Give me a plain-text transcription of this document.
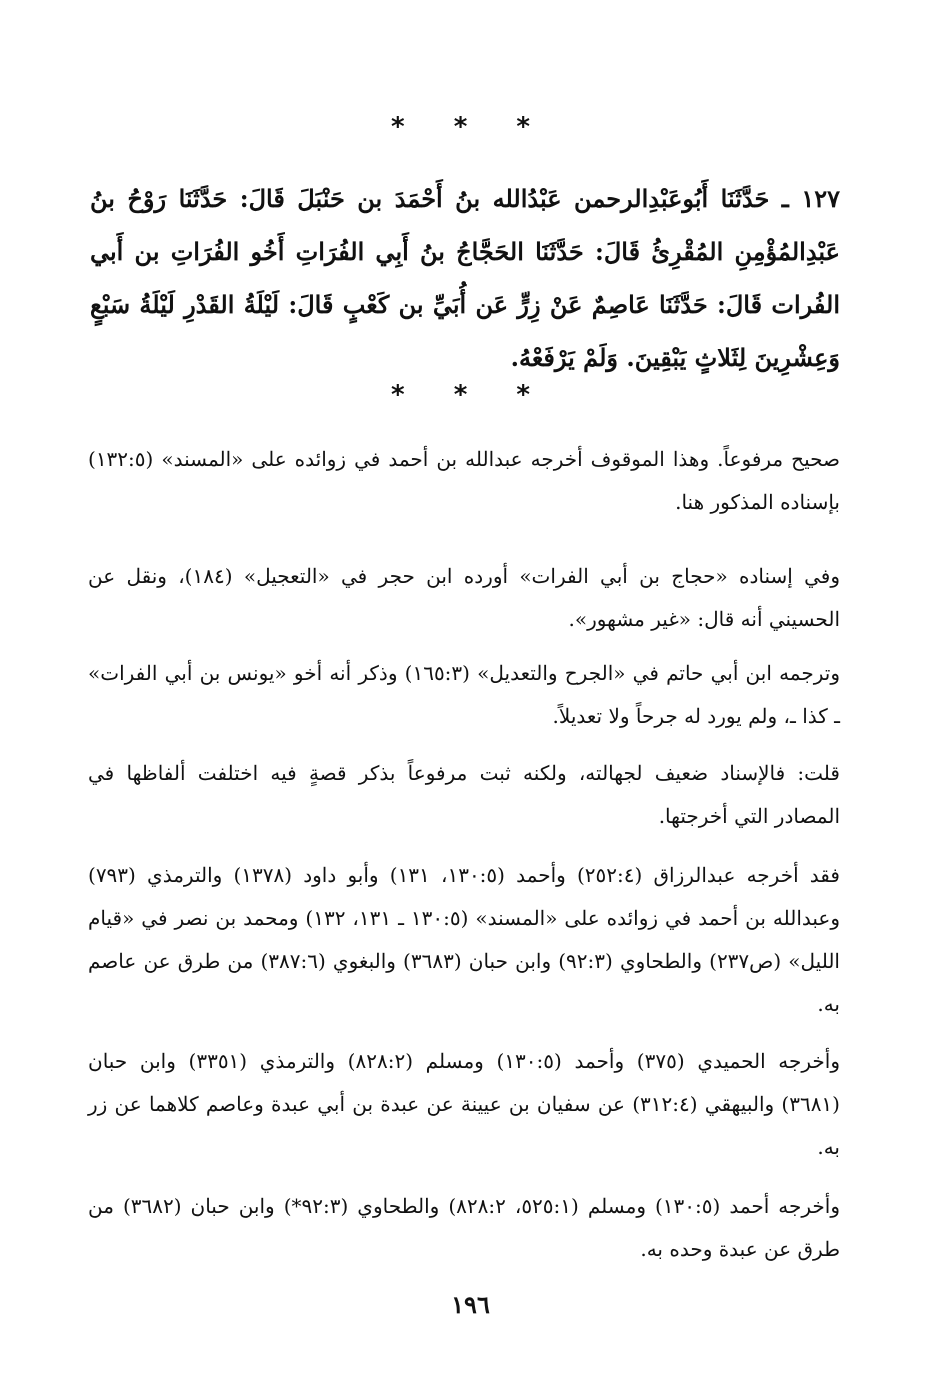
* * *
١٢٧ ـ حَدَّثَنَا أَبُوعَبْدِالرحمن عَبْدُالله بنُ أَحْمَدَ بن حَنْبَلَ قَالَ: حَدَّثَنَا رَوْحُ بنُ عَبْدِالمُؤْمِنِ المُقْرِئُ قَالَ: حَدَّثَنَا الحَجَّاجُ بنُ أَبِي الفُرَاتِ أَخُو الفُرَاتِ بن أَبي الفُرات قَالَ: حَدَّثَنَا عَاصِمٌ عَنْ زِرٍّ عَن أُبَيِّ بن كَعْبٍ قَالَ: لَيْلَةُ القَدْرِ لَيْلَةُ سَبْعٍ وَعِشْرِينَ لِثَلاثٍ يَبْقِينَ. وَلَمْ يَرْفَعْهُ.
* * *
صحيح مرفوعاً. وهذا الموقوف أخرجه عبدالله بن أحمد في زوائده على «المسند» (١٣٢:٥) بإسناده المذكور هنا.
وفي إسناده «حجاج بن أبي الفرات» أورده ابن حجر في «التعجيل» (١٨٤)، ونقل عن الحسيني أنه قال: «غير مشهور».
وترجمه ابن أبي حاتم في «الجرح والتعديل» (١٦٥:٣) وذكر أنه أخو «يونس بن أبي الفرات» ـ كذا ـ، ولم يورد له جرحاً ولا تعديلاً.
قلت: فالإسناد ضعيف لجهالته، ولكنه ثبت مرفوعاً بذكر قصةٍ فيه اختلفت ألفاظها في المصادر التي أخرجتها.
فقد أخرجه عبدالرزاق (٢٥٢:٤) وأحمد (١٣٠:٥، ١٣١) وأبو داود (١٣٧٨) والترمذي (٧٩٣) وعبدالله بن أحمد في زوائده على «المسند» (١٣٠:٥ ـ ١٣١، ١٣٢) ومحمد بن نصر في «قيام الليل» (ص٢٣٧) والطحاوي (٩٢:٣) وابن حبان (٣٦٨٣) والبغوي (٣٨٧:٦) من طرق عن عاصم به.
وأخرجه الحميدي (٣٧٥) وأحمد (١٣٠:٥) ومسلم (٨٢٨:٢) والترمذي (٣٣٥١) وابن حبان (٣٦٨١) والبيهقي (٣١٢:٤) عن سفيان بن عيينة عن عبدة بن أبي عبدة وعاصم كلاهما عن زر به.
وأخرجه أحمد (١٣٠:٥) ومسلم (٥٢٥:١، ٨٢٨:٢) والطحاوي (٩٢:٣*) وابن حبان (٣٦٨٢) من طرق عن عبدة وحده به.
١٩٦
